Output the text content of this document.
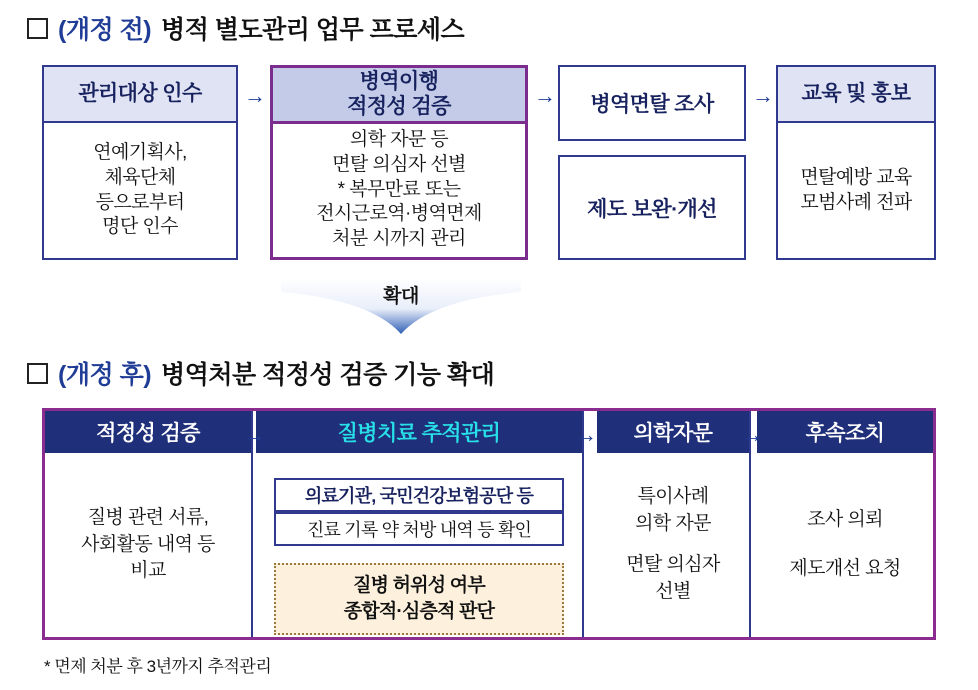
(개정 전) 병적 별도관리 업무 프로세스
관리대상 인수
연예기획사,
체육단체
등으로부터
명단 인수
→
병역이행
적정성 검증
의학 자문 등
면탈 의심자 선별
* 복무만료 또는
전시근로역·병역면제
처분 시까지 관리
→	병역면탈 조사
제도 보완·개선
→	교육 및 홍보
면탈예방 교육
모범사례 전파
확대
(개정 후) 병역처분 적정성 검증 기능 확대
적정성 검증
질병 관련 서류,
사회활동 내역 등
비교
질병치료 추적관리
의료기관, 국민건강보험공단 등
진료 기록 약 처방 내역 등 확인
질병 허위성 여부
종합적·심층적 판단
의학자문
특이사례
의학 자문
면탈 의심자
선별
후속조치
조사 의뢰
제도개선 요청
→	→	→
* 면제 처분 후 3년까지 추적관리
